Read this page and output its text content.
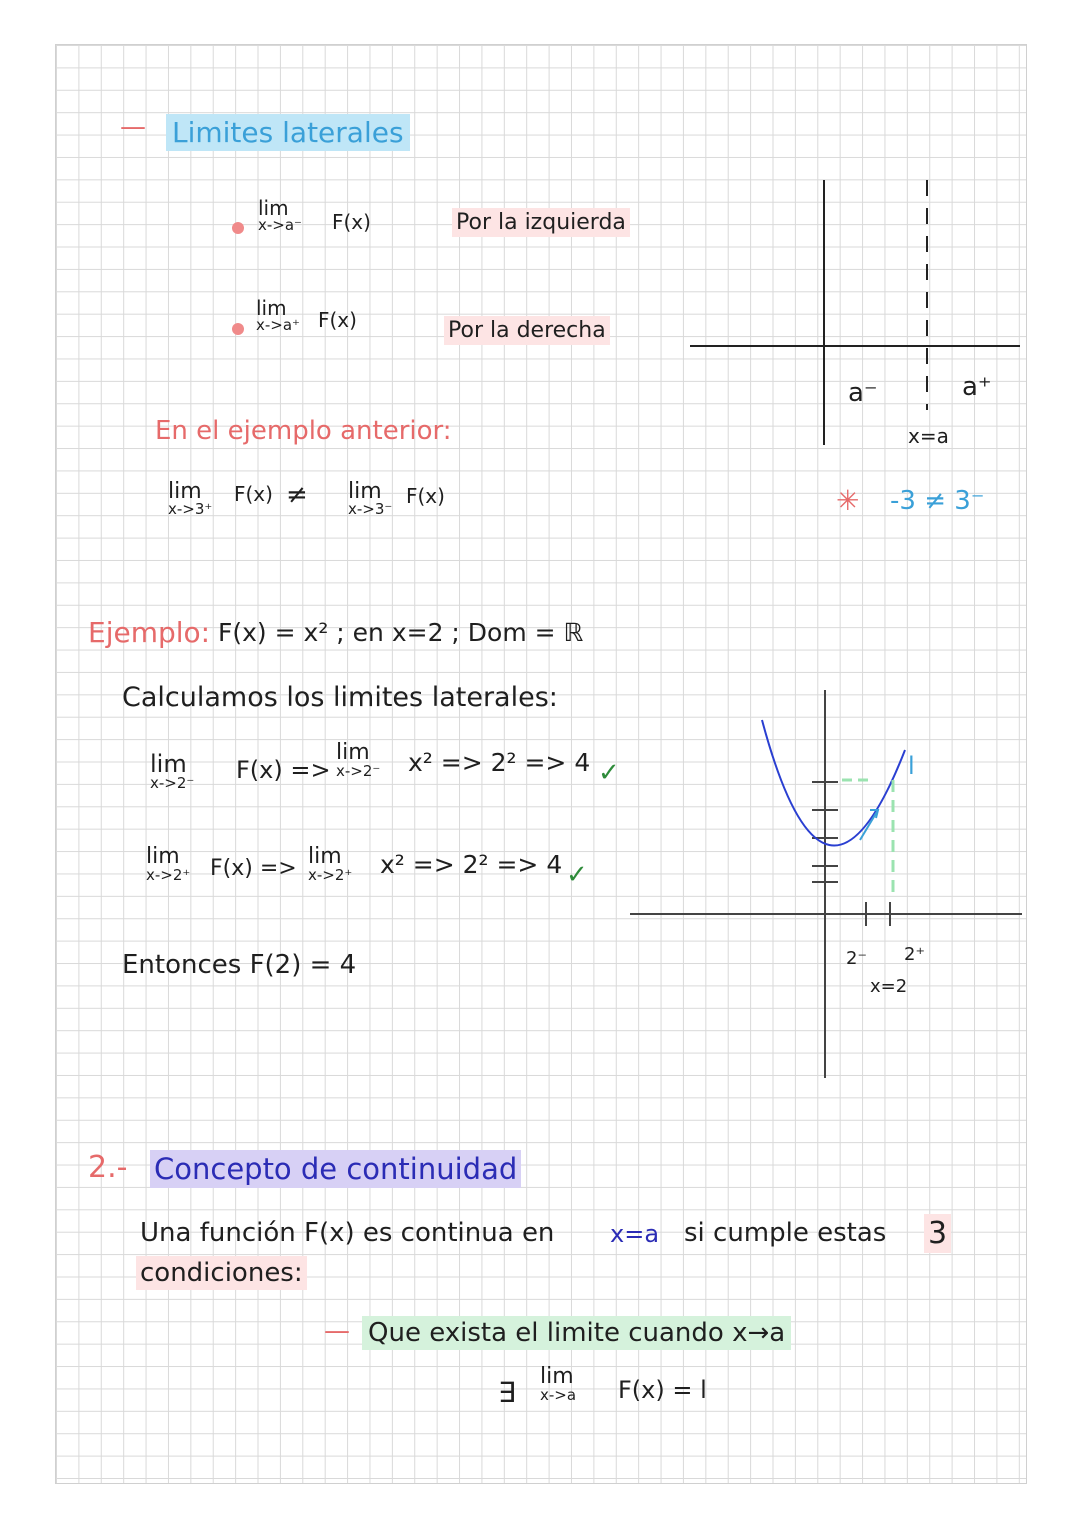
— Limites laterales
lim
x->a⁻ F(x)	Por la izquierda
lim
x->a⁺ F(x)	Por la derecha
a⁻	a⁺
x=a
✳ -3 ≠ 3⁻
En el ejemplo anterior:
lim
x->3⁺
F(x) ≠ lim
x->3⁻
F(x)
Ejemplo: F(x) = x² ; en x=2 ; Dom = ℝ
Calculamos los limites laterales:
lim
x->2⁻ F(x) =>
lim
x->2⁻ x² => 2² => 4 ✓
lim
x->2⁺ F(x) => lim
x->2⁺ x² => 2² => 4 ✓
Entonces F(2) = 4
l
2⁻ 2⁺
x=2
2.- Concepto de continuidad
Una función F(x) es continua en x=a si cumple estas 3
condiciones:
— Que exista el limite cuando x→a
∃ lim
x->a F(x) = l
